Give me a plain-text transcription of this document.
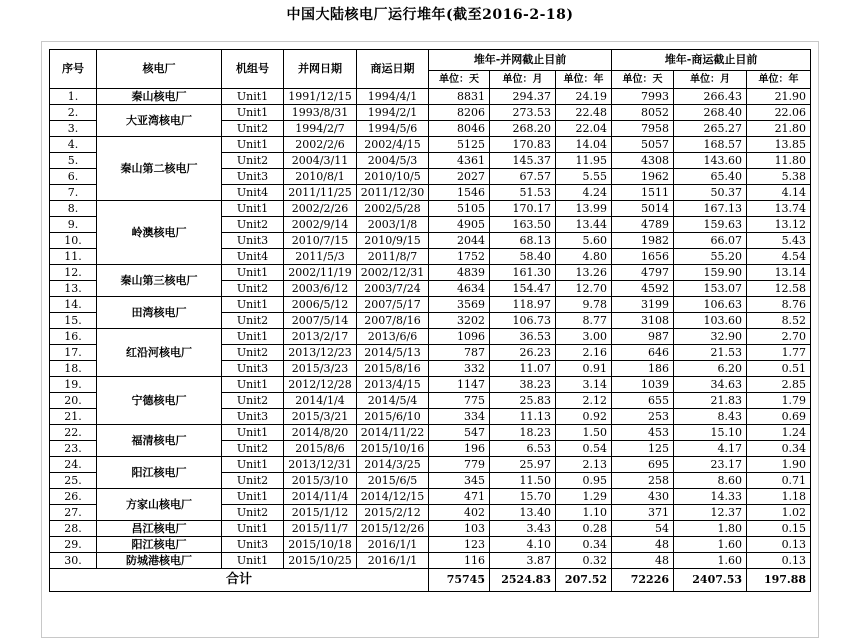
中国大陆核电厂运行堆年(截至2016-2-18)
序号	核电厂	机组号	并网日期	商运日期	堆年-并网截止目前			堆年-商运截止目前		
					单位：天	单位：月	单位：年	单位：天	单位：月	单位：年
1.	秦山核电厂	Unit1	1991/12/15	1994/4/1	8831	294.37	24.19	7993	266.43	21.90
2.	大亚湾核电厂	Unit1	1993/8/31	1994/2/1	8206	273.53	22.48	8052	268.40	22.06
3.		Unit2	1994/2/7	1994/5/6	8046	268.20	22.04	7958	265.27	21.80
4.	秦山第二核电厂	Unit1	2002/2/6	2002/4/15	5125	170.83	14.04	5057	168.57	13.85
5.		Unit2	2004/3/11	2004/5/3	4361	145.37	11.95	4308	143.60	11.80
6.		Unit3	2010/8/1	2010/10/5	2027	67.57	5.55	1962	65.40	5.38
7.		Unit4	2011/11/25	2011/12/30	1546	51.53	4.24	1511	50.37	4.14
8.	岭澳核电厂	Unit1	2002/2/26	2002/5/28	5105	170.17	13.99	5014	167.13	13.74
9.		Unit2	2002/9/14	2003/1/8	4905	163.50	13.44	4789	159.63	13.12
10.		Unit3	2010/7/15	2010/9/15	2044	68.13	5.60	1982	66.07	5.43
11.		Unit4	2011/5/3	2011/8/7	1752	58.40	4.80	1656	55.20	4.54
12.	秦山第三核电厂	Unit1	2002/11/19	2002/12/31	4839	161.30	13.26	4797	159.90	13.14
13.		Unit2	2003/6/12	2003/7/24	4634	154.47	12.70	4592	153.07	12.58
14.	田湾核电厂	Unit1	2006/5/12	2007/5/17	3569	118.97	9.78	3199	106.63	8.76
15.		Unit2	2007/5/14	2007/8/16	3202	106.73	8.77	3108	103.60	8.52
16.	红沿河核电厂	Unit1	2013/2/17	2013/6/6	1096	36.53	3.00	987	32.90	2.70
17.		Unit2	2013/12/23	2014/5/13	787	26.23	2.16	646	21.53	1.77
18.		Unit3	2015/3/23	2015/8/16	332	11.07	0.91	186	6.20	0.51
19.	宁德核电厂	Unit1	2012/12/28	2013/4/15	1147	38.23	3.14	1039	34.63	2.85
20.		Unit2	2014/1/4	2014/5/4	775	25.83	2.12	655	21.83	1.79
21.		Unit3	2015/3/21	2015/6/10	334	11.13	0.92	253	8.43	0.69
22.	福清核电厂	Unit1	2014/8/20	2014/11/22	547	18.23	1.50	453	15.10	1.24
23.		Unit2	2015/8/6	2015/10/16	196	6.53	0.54	125	4.17	0.34
24.	阳江核电厂	Unit1	2013/12/31	2014/3/25	779	25.97	2.13	695	23.17	1.90
25.		Unit2	2015/3/10	2015/6/5	345	11.50	0.95	258	8.60	0.71
26.	方家山核电厂	Unit1	2014/11/4	2014/12/15	471	15.70	1.29	430	14.33	1.18
27.		Unit2	2015/1/12	2015/2/12	402	13.40	1.10	371	12.37	1.02
28.	昌江核电厂	Unit1	2015/11/7	2015/12/26	103	3.43	0.28	54	1.80	0.15
29.	阳江核电厂	Unit3	2015/10/18	2016/1/1	123	4.10	0.34	48	1.60	0.13
30.	防城港核电厂	Unit1	2015/10/25	2016/1/1	116	3.87	0.32	48	1.60	0.13
合计					75745	2524.83	207.52	72226	2407.53	197.88
